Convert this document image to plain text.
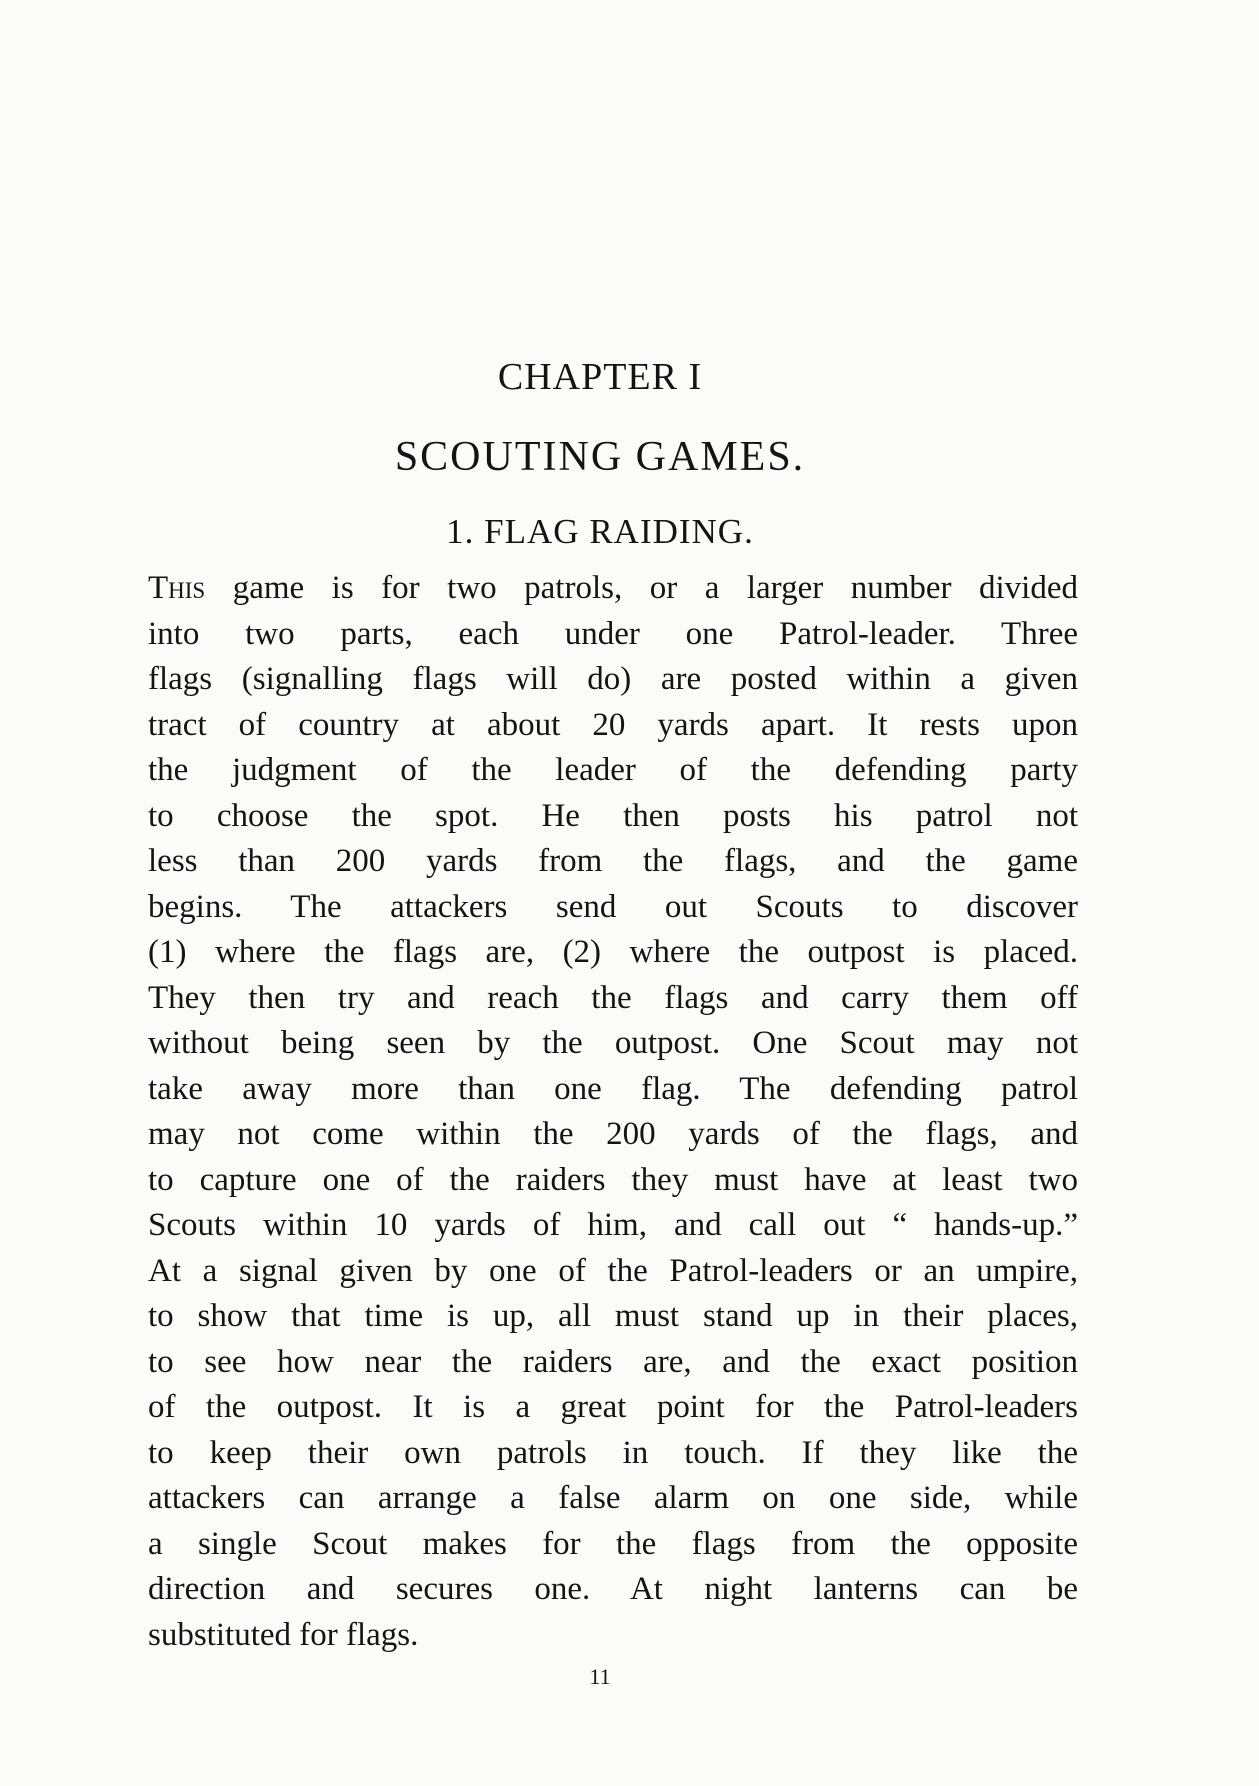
CHAPTER I
SCOUTING GAMES.
1. FLAG RAIDING.
This game is for two patrols, or a larger number divided
into two parts, each under one Patrol-leader. Three
flags (signalling flags will do) are posted within a given
tract of country at about 20 yards apart. It rests upon
the judgment of the leader of the defending party
to choose the spot. He then posts his patrol not
less than 200 yards from the flags, and the game
begins. The attackers send out Scouts to discover
(1) where the flags are, (2) where the outpost is placed.
They then try and reach the flags and carry them off
without being seen by the outpost. One Scout may not
take away more than one flag. The defending patrol
may not come within the 200 yards of the flags, and
to capture one of the raiders they must have at least two
Scouts within 10 yards of him, and call out “ hands-up.”
At a signal given by one of the Patrol-leaders or an umpire,
to show that time is up, all must stand up in their places,
to see how near the raiders are, and the exact position
of the outpost. It is a great point for the Patrol-leaders
to keep their own patrols in touch. If they like the
attackers can arrange a false alarm on one side, while
a single Scout makes for the flags from the opposite
direction and secures one. At night lanterns can be
substituted for flags.
11
